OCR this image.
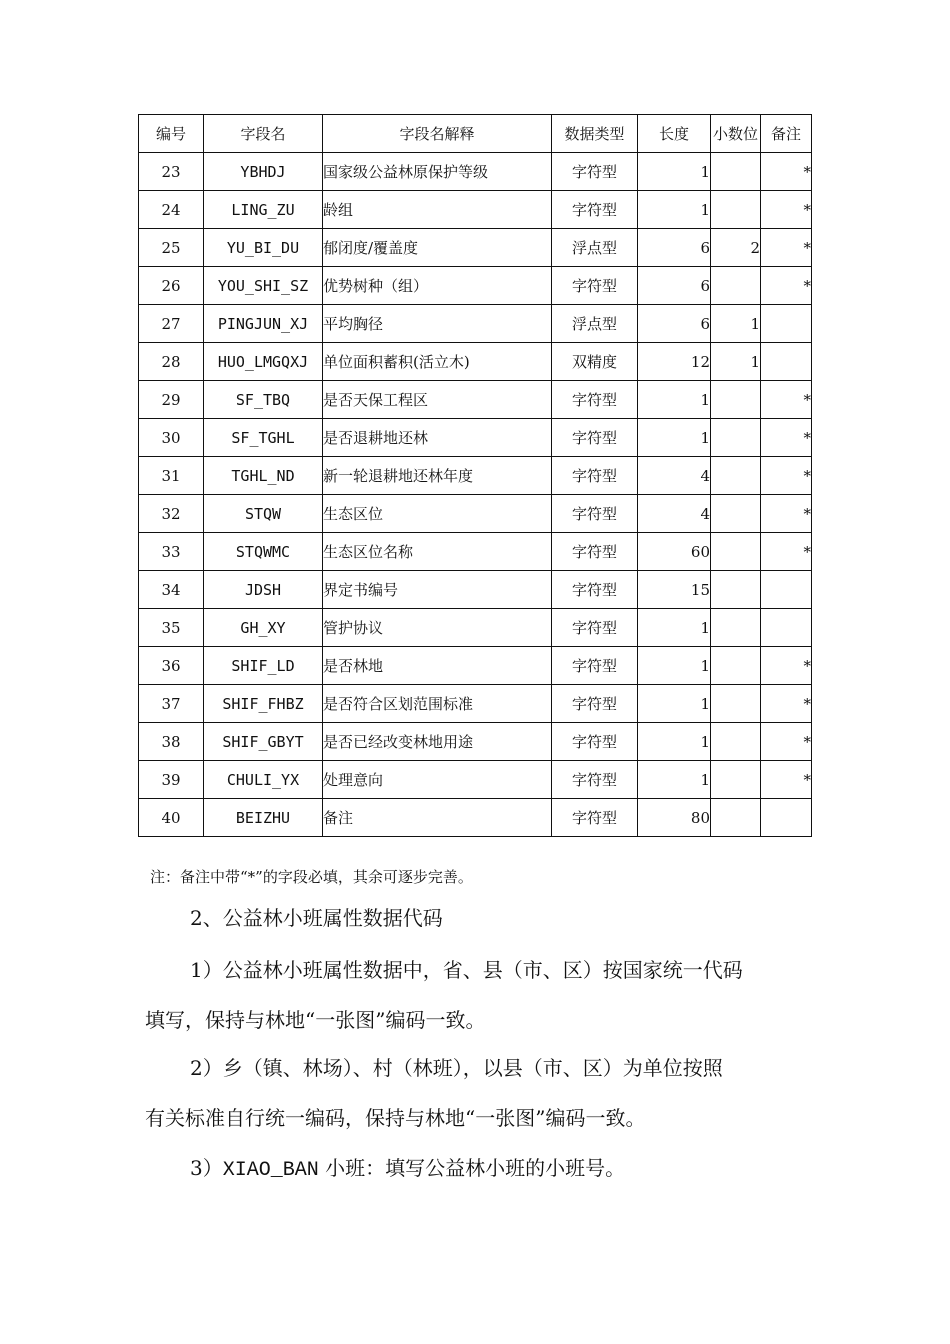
编号	字段名	字段名解释	数据类型	长度	小数位	备注
23	YBHDJ	国家级公益林原保护等级	字符型	1		*
24	LING_ZU	龄组	字符型	1		*
25	YU_BI_DU	郁闭度/覆盖度	浮点型	6	2	*
26	YOU_SHI_SZ	优势树种（组）	字符型	6		*
27	PINGJUN_XJ	平均胸径	浮点型	6	1	
28	HUO_LMGQXJ	单位面积蓄积(活立木)	双精度	12	1	
29	SF_TBQ	是否天保工程区	字符型	1		*
30	SF_TGHL	是否退耕地还林	字符型	1		*
31	TGHL_ND	新一轮退耕地还林年度	字符型	4		*
32	STQW	生态区位	字符型	4		*
33	STQWMC	生态区位名称	字符型	60		*
34	JDSH	界定书编号	字符型	15		
35	GH_XY	管护协议	字符型	1		
36	SHIF_LD	是否林地	字符型	1		*
37	SHIF_FHBZ	是否符合区划范围标准	字符型	1		*
38	SHIF_GBYT	是否已经改变林地用途	字符型	1		*
39	CHULI_YX	处理意向	字符型	1		*
40	BEIZHU	备注	字符型	80		
注：备注中带“*”的字段必填，其余可逐步完善。
2、公益林小班属性数据代码
1）公益林小班属性数据中，省、县（市、区）按国家统一代码
填写，保持与林地“一张图”编码一致。
2）乡（镇、林场）、村（林班），以县（市、区）为单位按照
有关标准自行统一编码，保持与林地“一张图”编码一致。
3）XIAO_BAN 小班：填写公益林小班的小班号。
